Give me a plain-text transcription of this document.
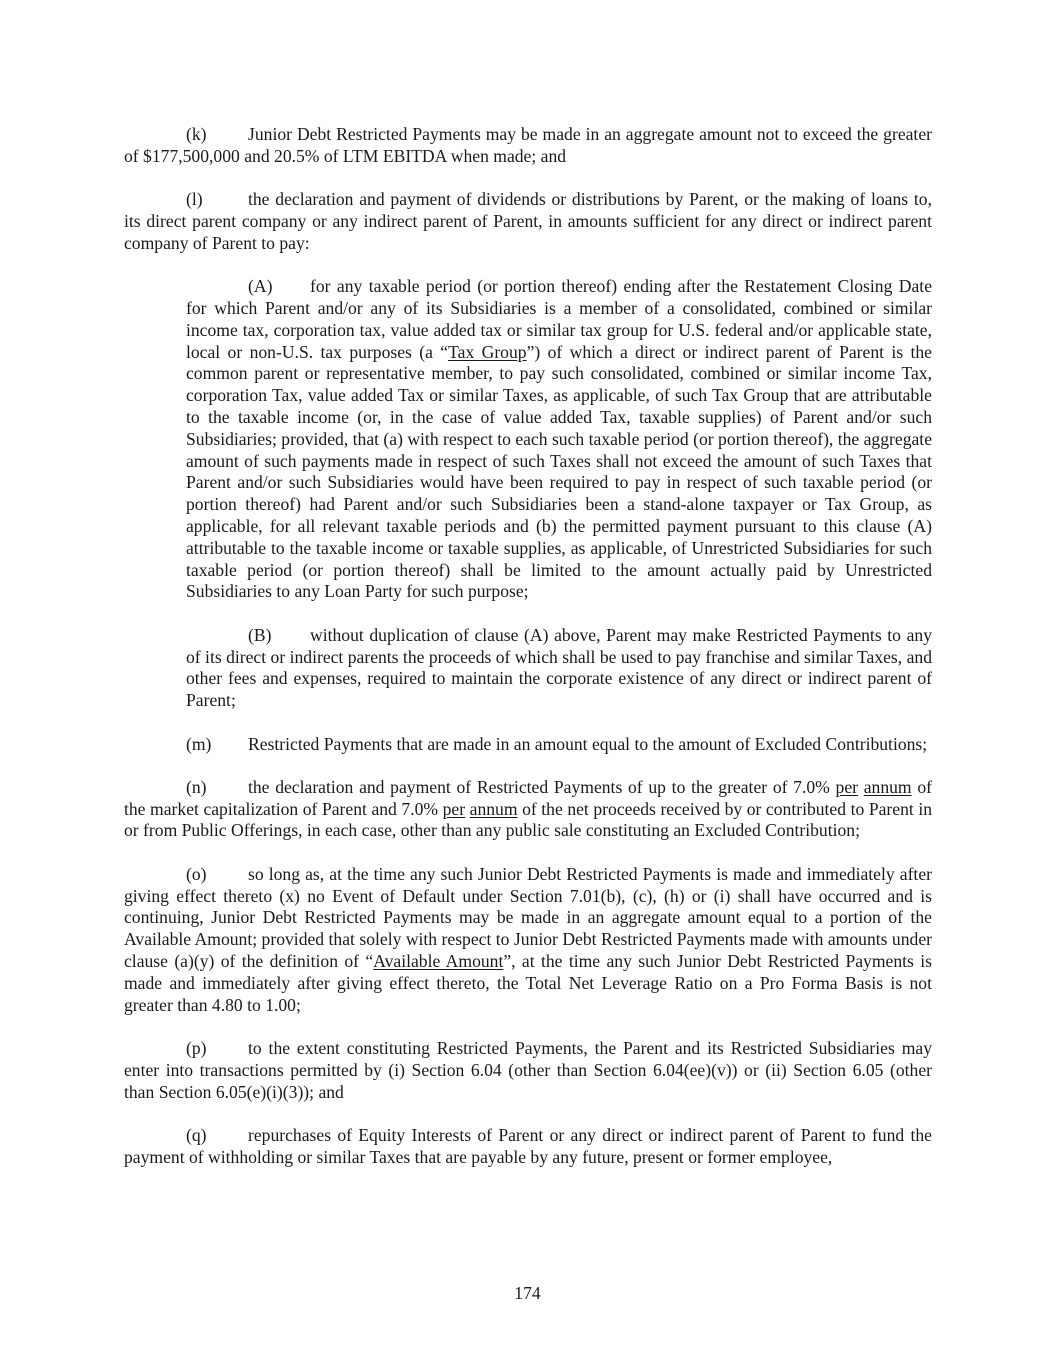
(k) Junior Debt Restricted Payments may be made in an aggregate amount not to exceed the greater of $177,500,000 and 20.5% of LTM EBITDA when made; and

(l)	the declaration and payment of dividends or distributions by Parent, or the making of loans to, its direct parent company or any indirect parent of Parent, in amounts sufficient for any direct or indirect parent company of Parent to pay:

(A) for any taxable period (or portion thereof) ending after the Restatement Closing Date for which Parent and/or any of its Subsidiaries is a member of a consolidated, combined or similar income tax, corporation tax, value added tax or similar tax group for U.S. federal and/or applicable state, local or non-U.S. tax purposes (a “Tax Group”) of which a direct or indirect parent of Parent is the common parent or representative member, to pay such consolidated, combined or similar income Tax, corporation Tax, value added Tax or similar Taxes, as applicable, of such Tax Group that are attributable to the taxable income (or, in the case of value added Tax, taxable supplies) of Parent and/or such Subsidiaries; provided, that (a) with respect to each such taxable period (or portion thereof), the aggregate amount of such payments made in respect of such Taxes shall not exceed the amount of such Taxes that Parent and/or such Subsidiaries would have been required to pay in respect of such taxable period (or portion thereof) had Parent and/or such Subsidiaries been a stand-alone taxpayer or Tax Group, as applicable, for all relevant taxable periods and (b) the permitted payment pursuant to this clause (A) attributable to the taxable income or taxable supplies, as applicable, of Unrestricted Subsidiaries for such taxable period (or portion thereof) shall be limited to the amount actually paid by Unrestricted Subsidiaries to any Loan Party for such purpose;

(B) without duplication of clause (A) above, Parent may make Restricted Payments to any of its direct or indirect parents the proceeds of which shall be used to pay franchise and similar Taxes, and other fees and expenses, required to maintain the corporate existence of any direct or indirect parent of Parent;

(m) Restricted Payments that are made in an amount equal to the amount of Excluded Contributions;

(n) the declaration and payment of Restricted Payments of up to the greater of 7.0% per annum of the market capitalization of Parent and 7.0% per annum of the net proceeds received by or contributed to Parent in or from Public Offerings, in each case, other than any public sale constituting an Excluded Contribution;

(o) so long as, at the time any such Junior Debt Restricted Payments is made and immediately after giving effect thereto (x) no Event of Default under Section 7.01(b), (c), (h) or (i) shall have occurred and is continuing, Junior Debt Restricted Payments may be made in an aggregate amount equal to a portion of the Available Amount; provided that solely with respect to Junior Debt Restricted Payments made with amounts under clause (a)(y) of the definition of “Available Amount”, at the time any such Junior Debt Restricted Payments is made and immediately after giving effect thereto, the Total Net Leverage Ratio on a Pro Forma Basis is not greater than 4.80 to 1.00;

(p) to the extent constituting Restricted Payments, the Parent and its Restricted Subsidiaries may enter into transactions permitted by (i) Section 6.04 (other than Section 6.04(ee)(v)) or (ii) Section 6.05 (other than Section 6.05(e)(i)(3)); and

(q) repurchases of Equity Interests of Parent or any direct or indirect parent of Parent to fund the payment of withholding or similar Taxes that are payable by any future, present or former employee,

174
